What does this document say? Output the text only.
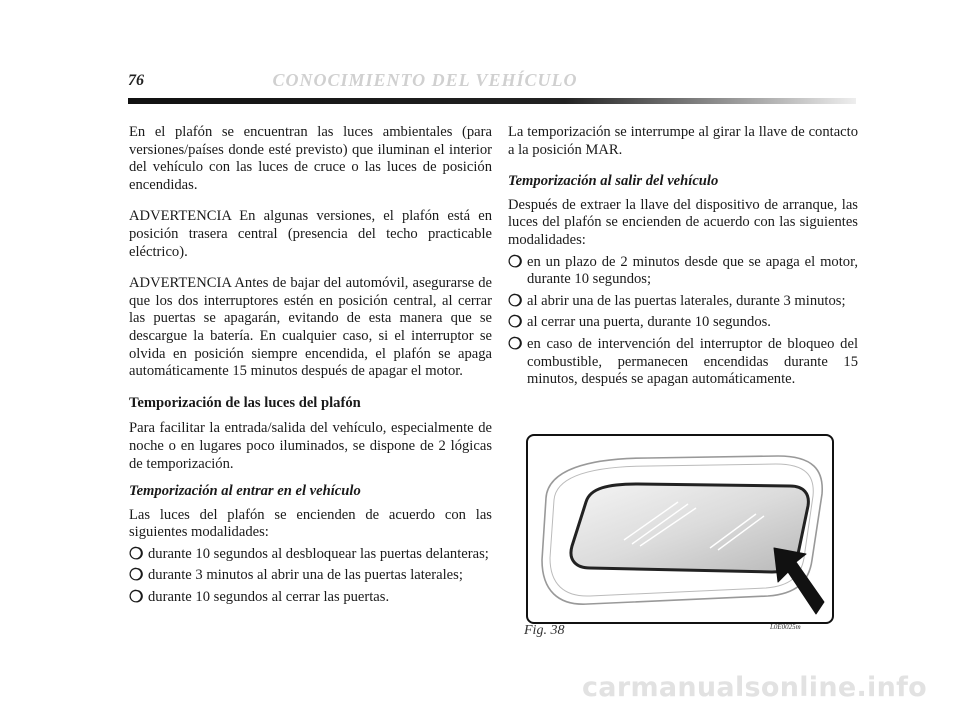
76	CONOCIMIENTO DEL VEHÍCULO

En el plafón se encuentran las luces ambientales (para versiones/países donde esté previsto) que iluminan el interior del vehículo con las luces de cruce o las luces de posición encendidas.

ADVERTENCIA En algunas versiones, el plafón está en posición trasera central (presencia del techo practicable eléctrico).

ADVERTENCIA Antes de bajar del automóvil, asegurarse de que los dos interruptores estén en posición central, al cerrar las puertas se apagarán, evitando de esta manera que se descargue la batería. En cualquier caso, si el interruptor se olvida en posición siempre encendida, el plafón se apaga automáticamente 15 minutos después de apagar el motor.

Temporización de las luces del plafón

Para facilitar la entrada/salida del vehículo, especialmente de noche o en lugares poco iluminados, se dispone de 2 lógicas de temporización.

Temporización al entrar en el vehículo

Las luces del plafón se encienden de acuerdo con las siguientes modalidades:

❍ durante 10 segundos al desbloquear las puertas delanteras;
❍ durante 3 minutos al abrir una de las puertas laterales;
❍ durante 10 segundos al cerrar las puertas.

La temporización se interrumpe al girar la llave de contacto a la posición MAR.

Temporización al salir del vehículo

Después de extraer la llave del dispositivo de arranque, las luces del plafón se encienden de acuerdo con las siguientes modalidades:

❍ en un plazo de 2 minutos desde que se apaga el motor, durante 10 segundos;
❍ al abrir una de las puertas laterales, durante 3 minutos;
❍ al cerrar una puerta, durante 10 segundos.
❍ en caso de intervención del interruptor de bloqueo del combustible, permanecen encendidas durante 15 minutos, después se apagan automáticamente.
Fig. 38	L0E0025m
carmanualsonline.info
